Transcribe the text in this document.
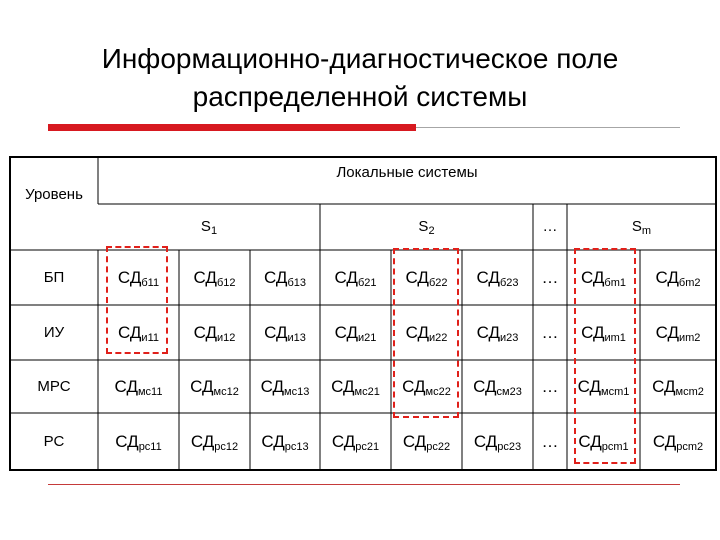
Информационно-диагностическое поле
распределенной системы
Локальные системы
Уровень
$S_1$	$S_2$	…	$S_m$
БП	$СД_{б11}$ $СД_{б12}$ $СД_{б13}$ $СД_{б21}$ $СД_{б22}$ $СД_{б23}$ … $СД_{бm1}$ $СД_{бm2}$
ИУ	$СД_{и11}$ $СД_{и12}$ $СД_{и13}$ $СД_{и21}$ $СД_{и22}$ $СД_{и23}$ … $СД_{иm1}$ $СД_{иm2}$
МРС	$СД_{мс11}$ $СД_{мс12}$ $СД_{мс13}$ $СД_{мс21}$ $СД_{мс22}$ $СД_{см23}$ … $СД_{мсm1}$ $СД_{мсm2}$
РС	$СД_{рс11}$ $СД_{рс12}$ $СД_{рс13}$ $СД_{рс21}$ $СД_{рс22}$ $СД_{рс23}$ … $СД_{рсm1}$ $СД_{рсm2}$
